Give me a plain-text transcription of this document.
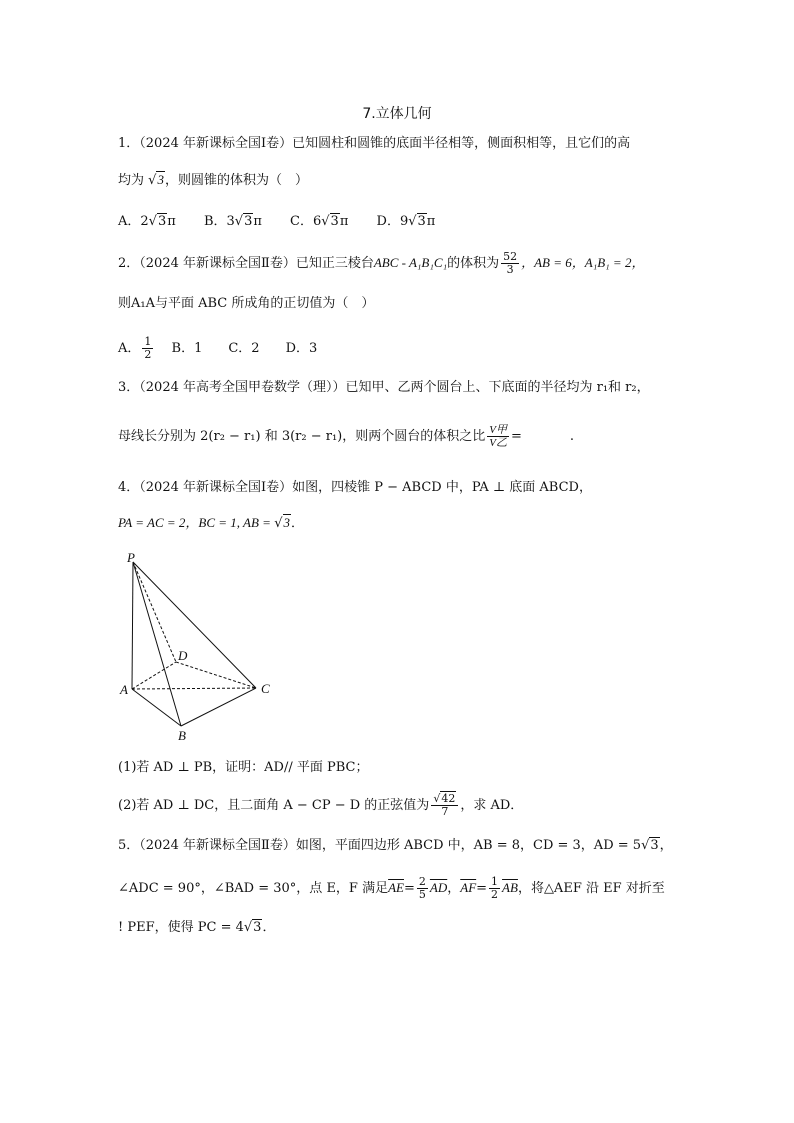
7.立体几何
1．（2024 年新课标全国Ⅰ卷）已知圆柱和圆锥的底面半径相等，侧面积相等，且它们的高
均为 √3，则圆锥的体积为（　）
A．2√3π B．3√3π C．6√3π D．9√3π
2．（2024 年新课标全国Ⅱ卷）已知正三棱台ABC - A₁B₁C₁的体积为 $\frac{52}{3}$ ，AB = 6，A₁B₁ = 2，
则A₁A与平面 ABC 所成角的正切值为（　）
A． $\frac{1}{2}$ B．1　　C．2　　D．3
3．（2024 年高考全国甲卷数学（理））已知甲、乙两个圆台上、下底面的半径均为 r₁和 r₂，
母线长分别为 2(r₂ − r₁) 和 3(r₂ − r₁)，则两个圆台的体积之比 $\frac{\text{V甲}}{\text{V乙}}$ =	.
4．（2024 年新课标全国Ⅰ卷）如图，四棱锥 P − ABCD 中，PA ⊥ 底面 ABCD，
PA = AC = 2，BC = 1, AB = √3．
P
D
A	C
B
(1)若 AD ⊥ PB，证明：AD// 平面 PBC；
(2)若 AD ⊥ DC，且二面角 A − CP − D 的正弦值为 $\frac{√42}{7}$ ，求 AD．
5．（2024 年新课标全国Ⅱ卷）如图，平面四边形 ABCD 中，AB = 8，CD = 3，AD = 5√3，
∠ADC = 90°，∠BAD = 30°，点 E，F 满足$\overline{AE}= \frac{2}{5} \overline{AD}$，$\overline{AF}= \frac{1}{2} \overline{AB}$，将△AEF 沿 EF 对折至
! PEF，使得 PC = 4√3．
